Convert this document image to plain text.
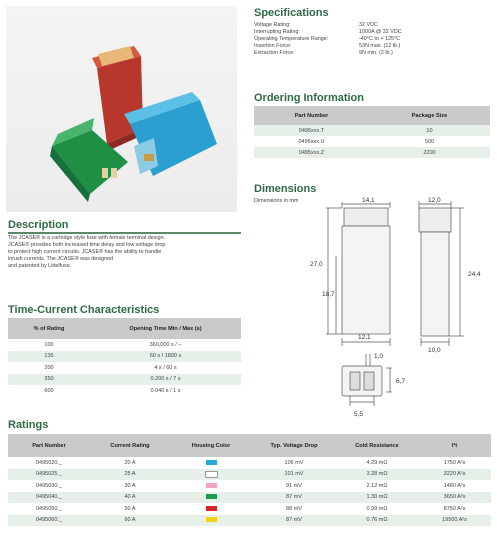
Specifications
Voltage Rating:	32 VDC
Interrupting Rating:	1000A @ 32 VDC
Operating Temperature Range:	-40°C to + 125°C
Insertion Force:	53N max. (12 lb.)
Extraction Force:	9N min. (2 lb.)
Ordering Information
Part Number	Package Size
0495xxx.T	10
0495xxx.U	500
0495xxx.Z	2200
Dimensions
Dimensions in mm	14,1
27,0
18,7
12,1
12,0
24,4
10,0
1,0
6,7
5,5
Description
The JCASE® is a cartridge style fuse with female terminal design.
JCASE® provides both increased time delay and low voltage drop
to protect high current circuits. JCASE® has the ability to handle
inrush currents. The JCASE® was designed
and patented by Littelfuse.
Time-Current Characteristics
% of Rating	Opening Time Min / Max (s)
100	360,000 s / –
135	60 s / 1800 s
200	4 s / 60 s
350	0.200 s / 7 s
600	0.040 s / 1 s
Ratings
Part Number	Current Rating	Housing Color	Typ. Voltage Drop	Cold Resistance	I²t
0495020._	20 A		106 mV	4.29 mΩ	1750 A²s
0495025._	25 A		101 mV	3.28 mΩ	3220 A²s
0495030._	30 A		91 mV	2.12 mΩ	1480 A²s
0495040._	40 A		87 mV	1.30 mΩ	3650 A²s
0495050._	50 A		88 mV	0.99 mΩ	8750 A²s
0495060._	60 A		87 mV	0.76 mΩ	19500 A²s
